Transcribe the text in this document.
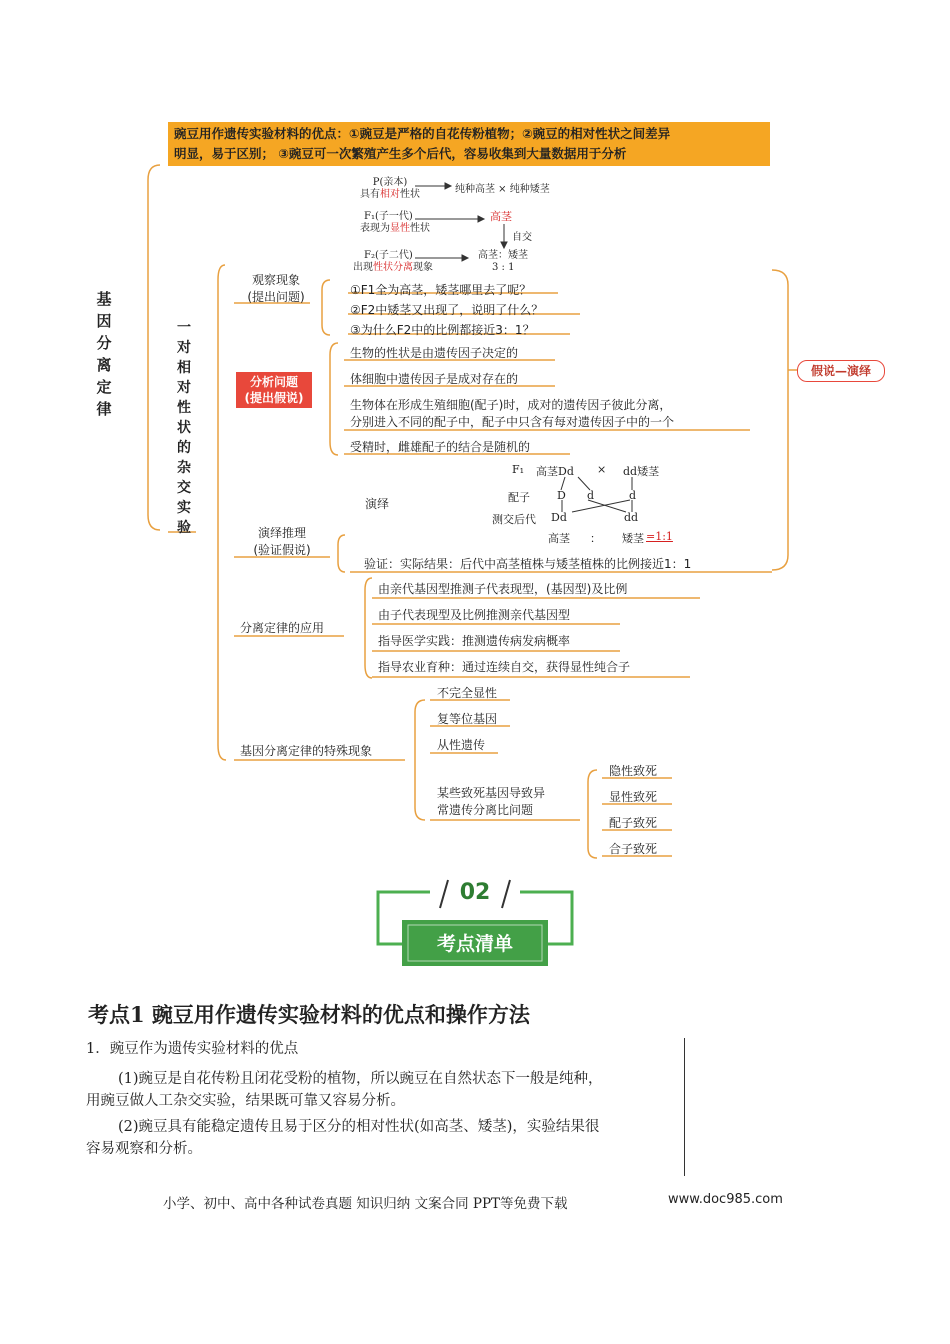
豌豆用作遗传实验材料的优点：①豌豆是严格的自花传粉植物；②豌豆的相对性状之间差异
明显，易于区别； ③豌豆可一次繁殖产生多个后代，容易收集到大量数据用于分析
基因分离定律
一对相对性状的杂交实验
P(亲本)
具有相对性状	纯种高茎 × 纯种矮茎
F₁(子一代)
表现为显性性状
高茎
自交
F₂(子二代)
出现性状分离现象
高茎：矮茎
3 : 1
观察现象
(提出问题)	①F1全为高茎，矮茎哪里去了呢？
②F2中矮茎又出现了，说明了什么？
③为什么F2中的比例都接近3：1？
分析问题
(提出假说)
生物的性状是由遗传因子决定的
体细胞中遗传因子是成对存在的
生物体在形成生殖细胞(配子)时，成对的遗传因子彼此分离，
分别进入不同的配子中，配子中只含有每对遗传因子中的一个
受精时，雌雄配子的结合是随机的
假说—演绎
演绎
F₁ 高茎Dd × dd矮茎
配子 D d	d
测交后代 Dd	dd
高茎 ： 矮茎 =1:1
演绎推理
(验证假说)
验证：实际结果：后代中高茎植株与矮茎植株的比例接近1：1
分离定律的应用
由亲代基因型推测子代表现型，(基因型)及比例
由子代表现型及比例推测亲代基因型
指导医学实践：推测遗传病发病概率
指导农业育种：通过连续自交，获得显性纯合子
基因分离定律的特殊现象
不完全显性
复等位基因
从性遗传
某些致死基因导致异
常遗传分离比问题
隐性致死
显性致死
配子致死
合子致死
02
考点清单
考点1 豌豆用作遗传实验材料的优点和操作方法
1．豌豆作为遗传实验材料的优点
(1)豌豆是自花传粉且闭花受粉的植物，所以豌豆在自然状态下一般是纯种，
用豌豆做人工杂交实验，结果既可靠又容易分析。
(2)豌豆具有能稳定遗传且易于区分的相对性状(如高茎、矮茎)，实验结果很
容易观察和分析。
小学、初中、高中各种试卷真题 知识归纳 文案合同 PPT等免费下载	www.doc985.com
